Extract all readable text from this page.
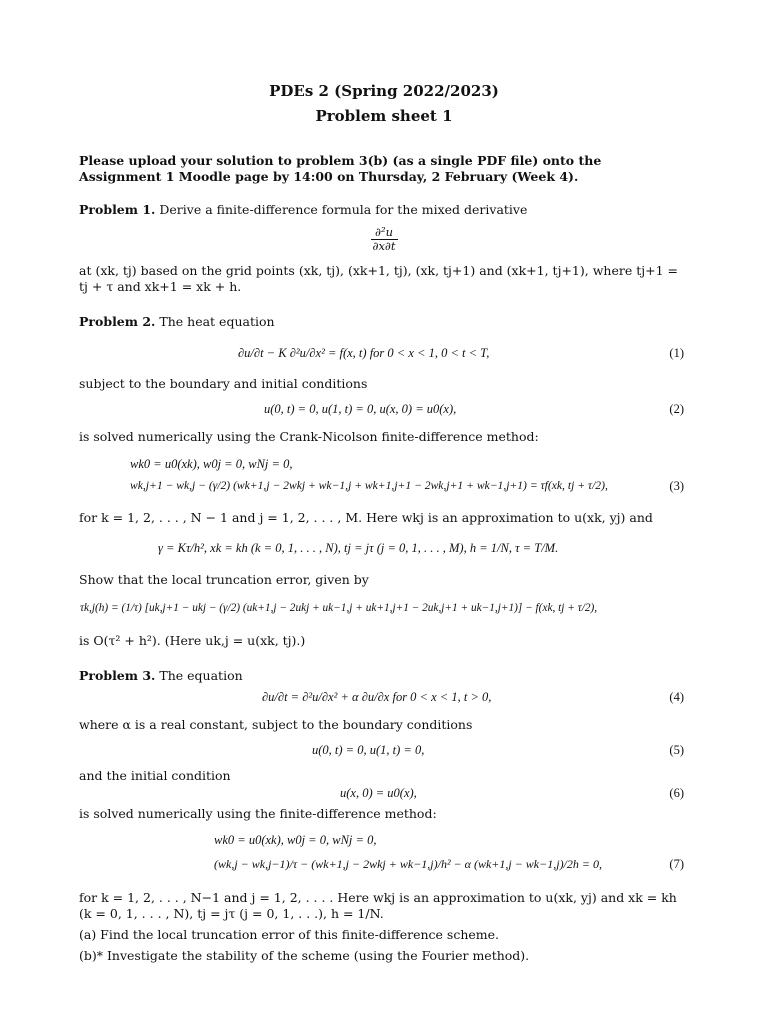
PDEs 2 (Spring 2022/2023)
Problem sheet 1
Please upload your solution to problem 3(b) (as a single PDF file) onto the Assignment 1 Moodle page by 14:00 on Thursday, 2 February (Week 4).
Problem 1. Derive a finite-difference formula for the mixed derivative
$\frac{\text{∂²u}}{\partial x\partial t}$
at (xk, tj) based on the grid points (xk, tj), (xk+1, tj), (xk, tj+1) and (xk+1, tj+1), where tj+1 = tj + τ and xk+1 = xk + h.
Problem 2. The heat equation
∂u/∂t − K ∂²u/∂x² = f(x, t) for 0 < x < 1, 0 < t < T,	(1)
subject to the boundary and initial conditions
u(0, t) = 0, u(1, t) = 0, u(x, 0) = u0(x),	(2)
is solved numerically using the Crank-Nicolson finite-difference method:
wk0 = u0(xk), w0j = 0, wNj = 0,
wk,j+1 − wk,j − (γ/2) (wk+1,j − 2wkj + wk−1,j + wk+1,j+1 − 2wk,j+1 + wk−1,j+1) = τf(xk, tj + τ/2),	(3)
for k = 1, 2, . . . , N − 1 and j = 1, 2, . . . , M. Here wkj is an approximation to u(xk, yj) and
γ = Kτ/h², xk = kh (k = 0, 1, . . . , N), tj = jτ (j = 0, 1, . . . , M), h = 1/N, τ = T/M.
Show that the local truncation error, given by
τk,j(h) = (1/τ) [uk,j+1 − ukj − (γ/2) (uk+1,j − 2ukj + uk−1,j + uk+1,j+1 − 2uk,j+1 + uk−1,j+1)] − f(xk, tj + τ/2),
is O(τ² + h²). (Here uk,j = u(xk, tj).)
Problem 3. The equation
∂u/∂t = ∂²u/∂x² + α ∂u/∂x for 0 < x < 1, t > 0,	(4)
where α is a real constant, subject to the boundary conditions
u(0, t) = 0, u(1, t) = 0,	(5)
and the initial condition
u(x, 0) = u0(x),	(6)
is solved numerically using the finite-difference method:
wk0 = u0(xk), w0j = 0, wNj = 0,
(wk,j − wk,j−1)/τ − (wk+1,j − 2wkj + wk−1,j)/h² − α (wk+1,j − wk−1,j)/2h = 0,	(7)
for k = 1, 2, . . . , N−1 and j = 1, 2, . . . . Here wkj is an approximation to u(xk, yj) and xk = kh (k = 0, 1, . . . , N), tj = jτ (j = 0, 1, . . .), h = 1/N.
(a) Find the local truncation error of this finite-difference scheme.
(b)* Investigate the stability of the scheme (using the Fourier method).
